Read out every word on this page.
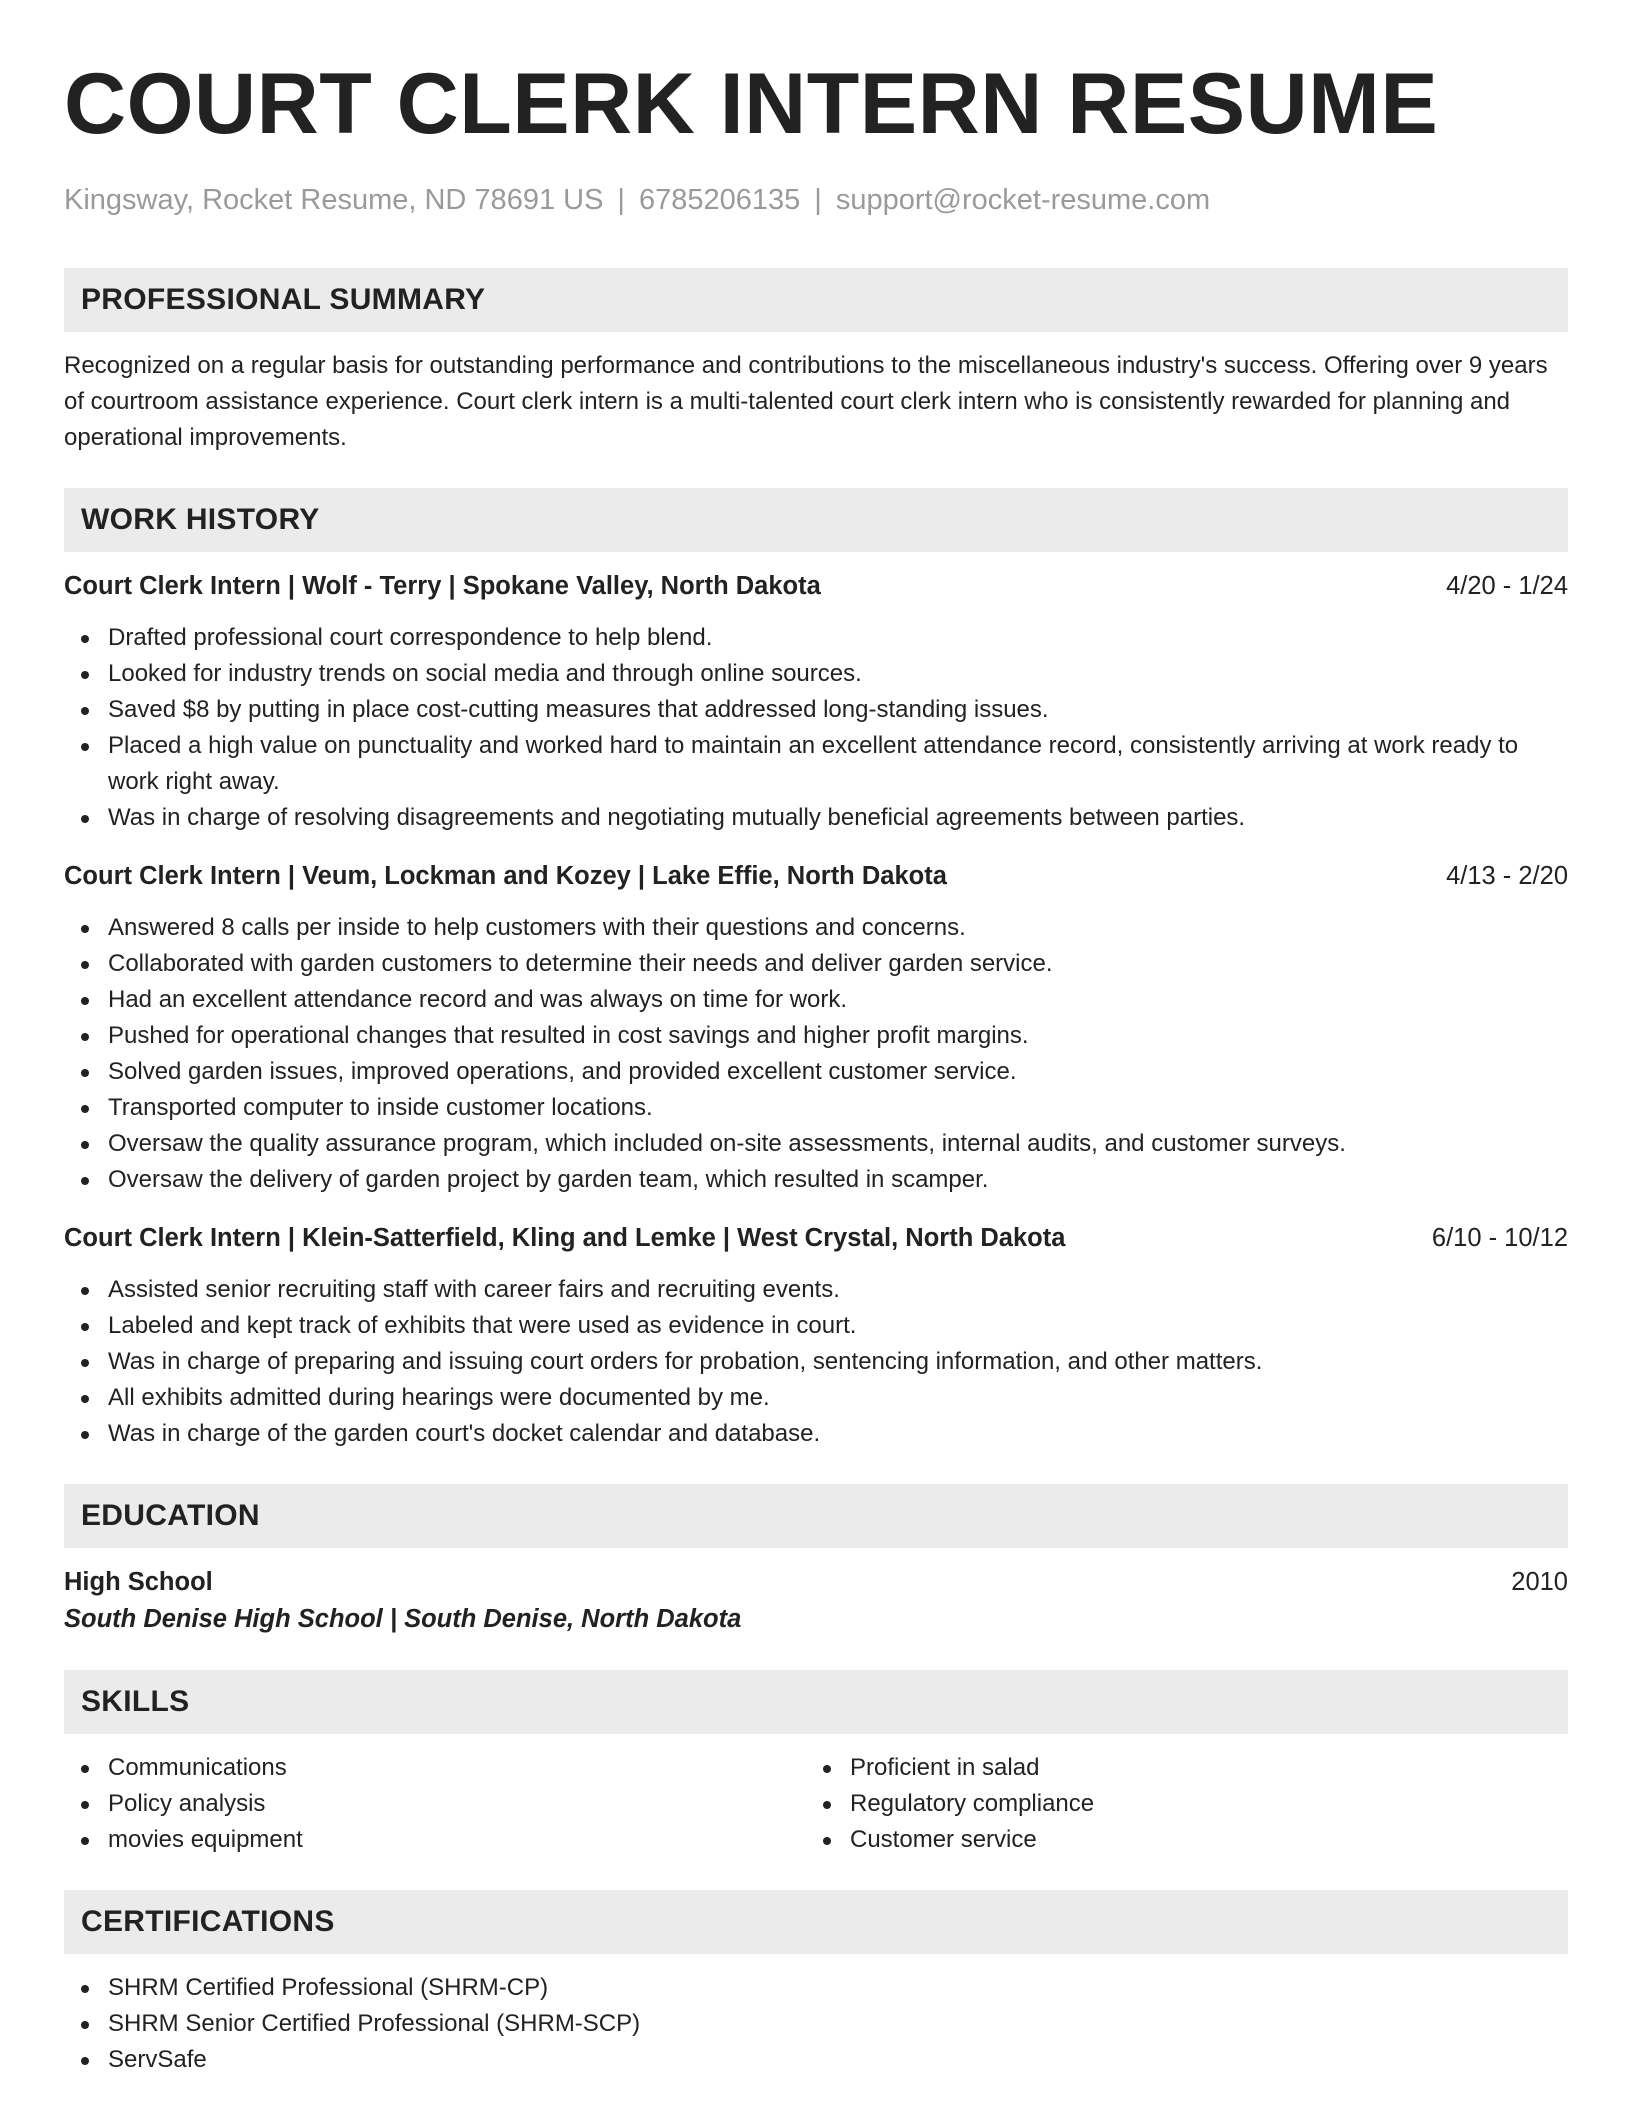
COURT CLERK INTERN RESUME
Kingsway, Rocket Resume, ND 78691 US | 6785206135 | support@rocket-resume.com
PROFESSIONAL SUMMARY

Recognized on a regular basis for outstanding performance and contributions to the miscellaneous industry's success. Offering over 9 years of courtroom assistance experience. Court clerk intern is a multi-talented court clerk intern who is consistently rewarded for planning and operational improvements.

WORK HISTORY
Court Clerk Intern | Wolf - Terry | Spokane Valley, North Dakota	4/20 - 1/24
Drafted professional court correspondence to help blend.
Looked for industry trends on social media and through online sources.
Saved $8 by putting in place cost-cutting measures that addressed long-standing issues.
Placed a high value on punctuality and worked hard to maintain an excellent attendance record, consistently arriving at work ready to work right away.
Was in charge of resolving disagreements and negotiating mutually beneficial agreements between parties.
Court Clerk Intern | Veum, Lockman and Kozey | Lake Effie, North Dakota	4/13 - 2/20
Answered 8 calls per inside to help customers with their questions and concerns.
Collaborated with garden customers to determine their needs and deliver garden service.
Had an excellent attendance record and was always on time for work.
Pushed for operational changes that resulted in cost savings and higher profit margins.
Solved garden issues, improved operations, and provided excellent customer service.
Transported computer to inside customer locations.
Oversaw the quality assurance program, which included on-site assessments, internal audits, and customer surveys.
Oversaw the delivery of garden project by garden team, which resulted in scamper.
Court Clerk Intern | Klein-Satterfield, Kling and Lemke | West Crystal, North Dakota	6/10 - 10/12
Assisted senior recruiting staff with career fairs and recruiting events.
Labeled and kept track of exhibits that were used as evidence in court.
Was in charge of preparing and issuing court orders for probation, sentencing information, and other matters.
All exhibits admitted during hearings were documented by me.
Was in charge of the garden court's docket calendar and database.
EDUCATION
High School	2010
South Denise High School | South Denise, North Dakota
SKILLS
Communications
Policy analysis
movies equipment
Proficient in salad
Regulatory compliance
Customer service
CERTIFICATIONS
SHRM Certified Professional (SHRM-CP)
SHRM Senior Certified Professional (SHRM-SCP)
ServSafe
